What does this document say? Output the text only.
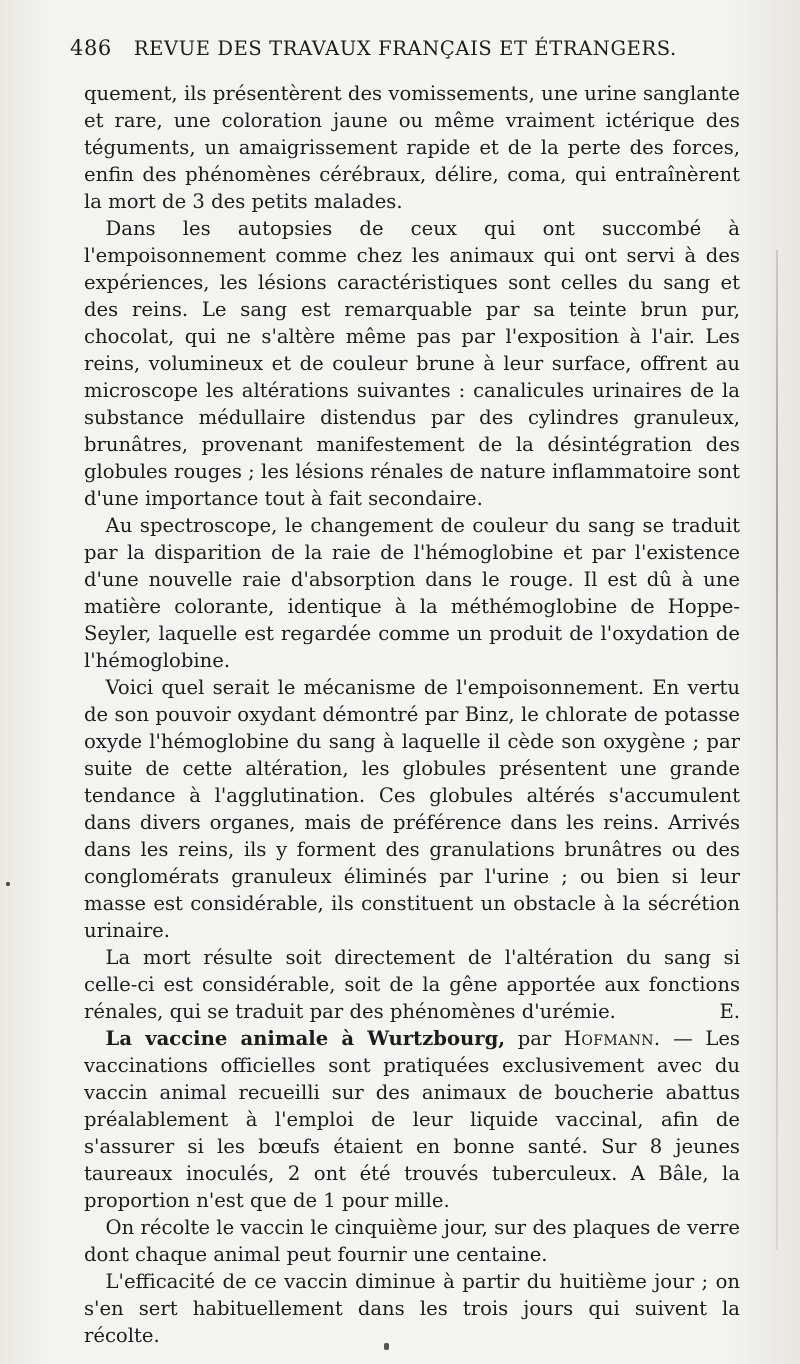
486 REVUE DES TRAVAUX FRANÇAIS ET ÉTRANGERS.

quement, ils présentèrent des vomissements, une urine sanglante et rare, une coloration jaune ou même vraiment ictérique des téguments, un amaigrissement rapide et de la perte des forces, enfin des phénomènes cérébraux, délire, coma, qui entraînèrent la mort de 3 des petits malades.

Dans les autopsies de ceux qui ont succombé à l'empoisonnement comme chez les animaux qui ont servi à des expériences, les lésions caractéristiques sont celles du sang et des reins. Le sang est remarquable par sa teinte brun pur, chocolat, qui ne s'altère même pas par l'exposition à l'air. Les reins, volumineux et de couleur brune à leur surface, offrent au microscope les altérations suivantes : canalicules urinaires de la substance médullaire distendus par des cylindres granuleux, brunâtres, provenant manifestement de la désintégration des globules rouges ; les lésions rénales de nature inflammatoire sont d'une importance tout à fait secondaire.

Au spectroscope, le changement de couleur du sang se traduit par la disparition de la raie de l'hémoglobine et par l'existence d'une nouvelle raie d'absorption dans le rouge. Il est dû à une matière colorante, identique à la méthémoglobine de Hoppe-Seyler, laquelle est regardée comme un produit de l'oxydation de l'hémoglobine.

Voici quel serait le mécanisme de l'empoisonnement. En vertu de son pouvoir oxydant démontré par Binz, le chlorate de potasse oxyde l'hémoglobine du sang à laquelle il cède son oxygène ; par suite de cette altération, les globules présentent une grande tendance à l'agglutination. Ces globules altérés s'accumulent dans divers organes, mais de préférence dans les reins. Arrivés dans les reins, ils y forment des granulations brunâtres ou des conglomérats granuleux éliminés par l'urine ; ou bien si leur masse est considérable, ils constituent un obstacle à la sécrétion urinaire.

La mort résulte soit directement de l'altération du sang si celle-ci est considérable, soit de la gêne apportée aux fonctions rénales, qui se traduit par des phénomènes d'urémie.	E.

La vaccine animale à Wurtzbourg, par Hofmann. — Les vaccinations officielles sont pratiquées exclusivement avec du vaccin animal recueilli sur des animaux de boucherie abattus préalablement à l'emploi de leur liquide vaccinal, afin de s'assurer si les bœufs étaient en bonne santé. Sur 8 jeunes taureaux inoculés, 2 ont été trouvés tuberculeux. A Bâle, la proportion n'est que de 1 pour mille.

On récolte le vaccin le cinquième jour, sur des plaques de verre dont chaque animal peut fournir une centaine.

L'efficacité de ce vaccin diminue à partir du huitième jour ; on s'en sert habituellement dans les trois jours qui suivent la récolte.
